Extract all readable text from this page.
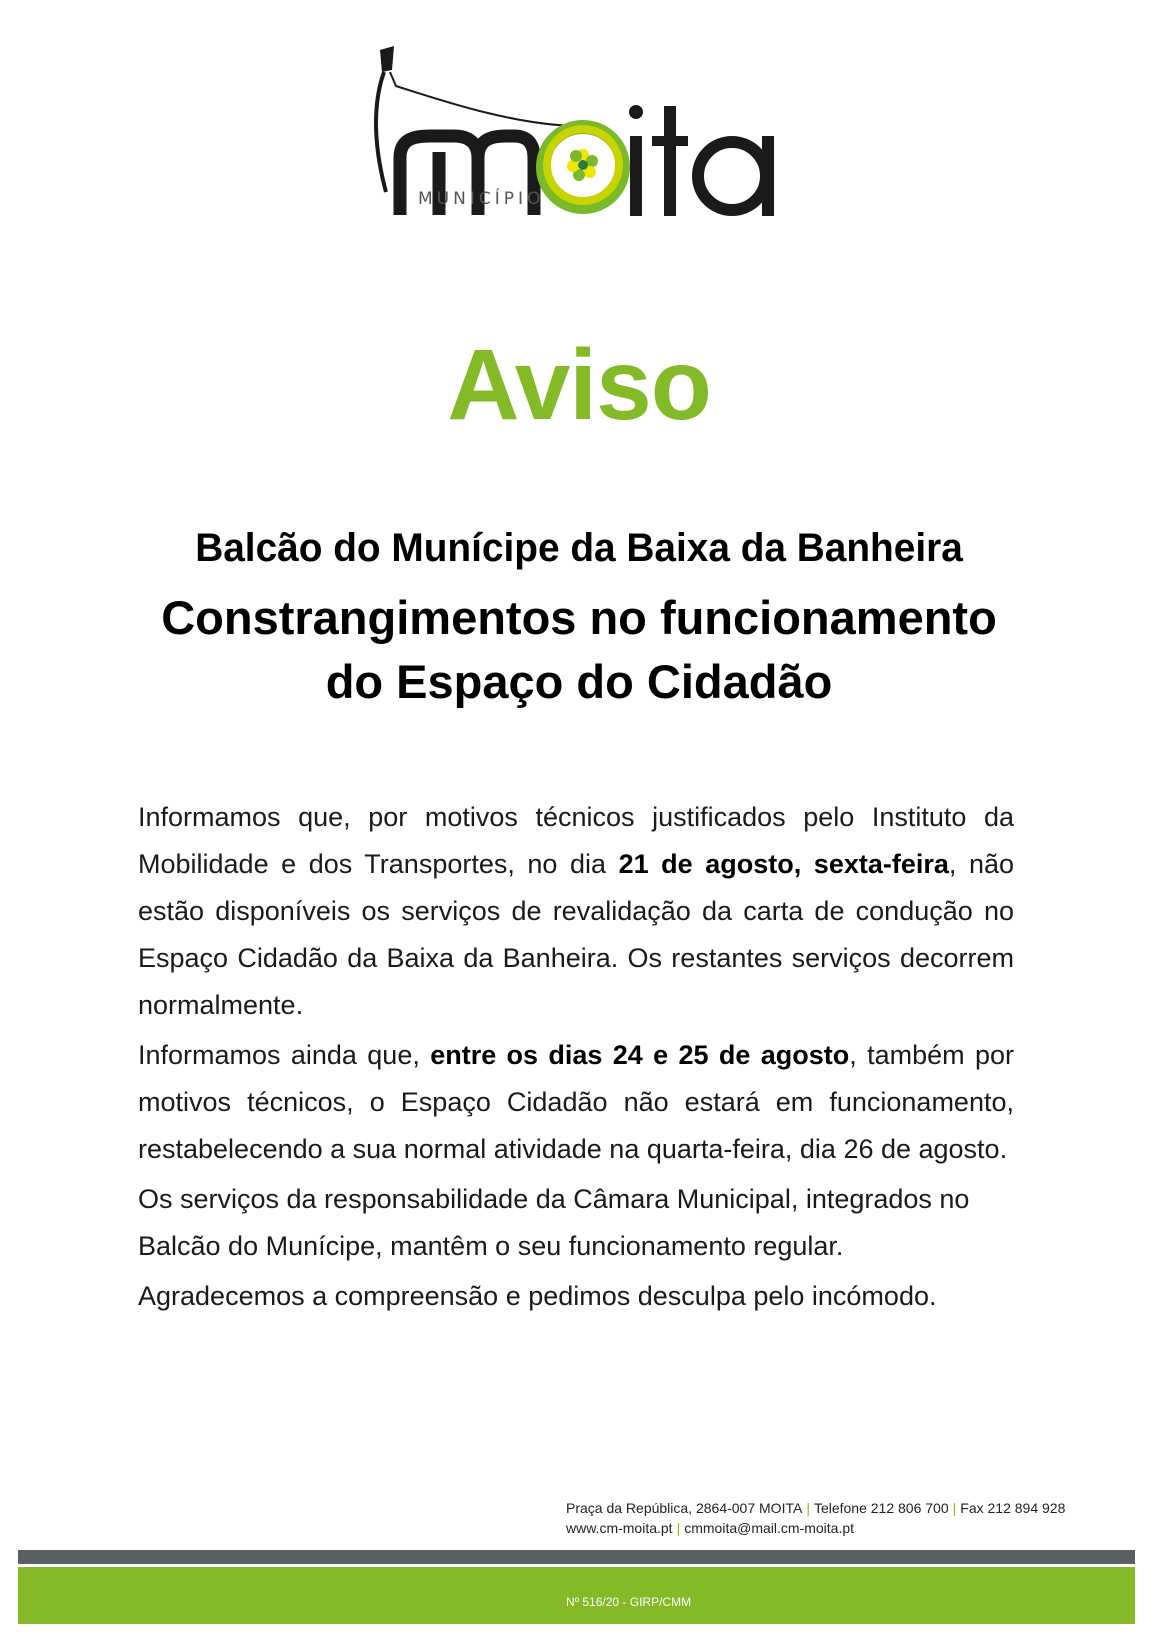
MUNICÍPIO
Aviso
Balcão do Munícipe da Baixa da Banheira
Constrangimentos no funcionamento
do Espaço do Cidadão

Informamos que, por motivos técnicos justificados pelo Instituto da Mobilidade e dos Transportes, no dia 21 de agosto, sexta-feira, não estão disponíveis os serviços de revalidação da carta de condução no Espaço Cidadão da Baixa da Banheira. Os restantes serviços decorrem normalmente.

Informamos ainda que, entre os dias 24 e 25 de agosto, também por motivos técnicos, o Espaço Cidadão não estará em funcionamento, restabelecendo a sua normal atividade na quarta-feira, dia 26 de agosto.

Os serviços da responsabilidade da Câmara Municipal, integrados no Balcão do Munícipe, mantêm o seu funcionamento regular.

Agradecemos a compreensão e pedimos desculpa pelo incómodo.

Praça da República, 2864-007 MOITA | Telefone 212 806 700 | Fax 212 894 928
www.cm-moita.pt | cmmoita@mail.cm-moita.pt
Nº 516/20 - GIRP/CMM
